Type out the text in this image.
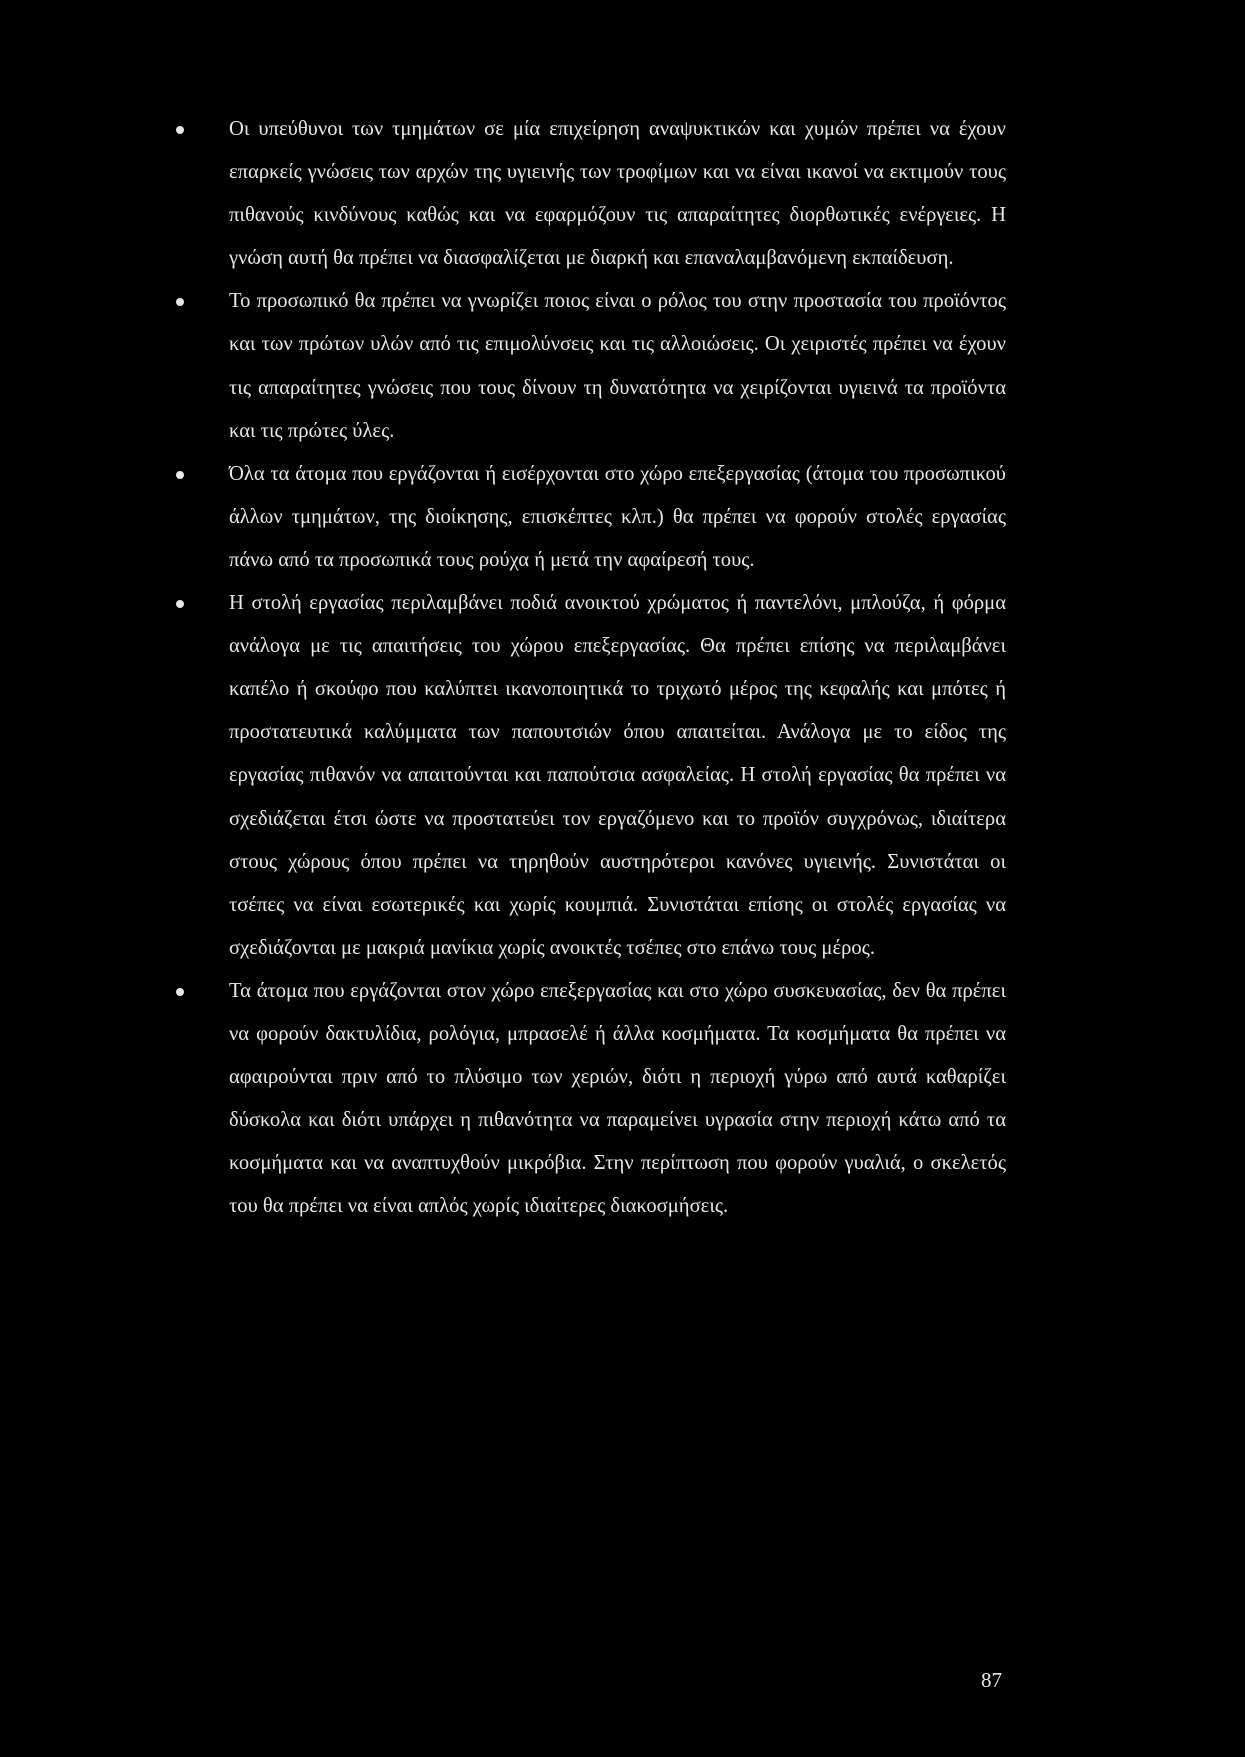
Οι υπεύθυνοι των τμημάτων σε μία επιχείρηση αναψυκτικών και χυμών πρέπει να έχουν επαρκείς γνώσεις των αρχών της υγιεινής των τροφίμων και να είναι ικανοί να εκτιμούν τους πιθανούς κινδύνους καθώς και να εφαρμόζουν τις απαραίτητες διορθωτικές ενέργειες. Η γνώση αυτή θα πρέπει να διασφαλίζεται με διαρκή και επαναλαμβανόμενη εκπαίδευση.
Το προσωπικό θα πρέπει να γνωρίζει ποιος είναι ο ρόλος του στην προστασία του προϊόντος και των πρώτων υλών από τις επιμολύνσεις και τις αλλοιώσεις. Οι χειριστές πρέπει να έχουν τις απαραίτητες γνώσεις που τους δίνουν τη δυνατότητα να χειρίζονται υγιεινά τα προϊόντα και τις πρώτες ύλες.
Όλα τα άτομα που εργάζονται ή εισέρχονται στο χώρο επεξεργασίας (άτομα του προσωπικού άλλων τμημάτων, της διοίκησης, επισκέπτες κλπ.) θα πρέπει να φορούν στολές εργασίας πάνω από τα προσωπικά τους ρούχα ή μετά την αφαίρεσή τους.
Η στολή εργασίας περιλαμβάνει ποδιά ανοικτού χρώματος ή παντελόνι, μπλούζα, ή φόρμα ανάλογα με τις απαιτήσεις του χώρου επεξεργασίας. Θα πρέπει επίσης να περιλαμβάνει καπέλο ή σκούφο που καλύπτει ικανοποιητικά το τριχωτό μέρος της κεφαλής και μπότες ή προστατευτικά καλύμματα των παπουτσιών όπου απαιτείται. Ανάλογα με το είδος της εργασίας πιθανόν να απαιτούνται και παπούτσια ασφαλείας. Η στολή εργασίας θα πρέπει να σχεδιάζεται έτσι ώστε να προστατεύει τον εργαζόμενο και το προϊόν συγχρόνως, ιδιαίτερα στους χώρους όπου πρέπει να τηρηθούν αυστηρότεροι κανόνες υγιεινής. Συνιστάται οι τσέπες να είναι εσωτερικές και χωρίς κουμπιά. Συνιστάται επίσης οι στολές εργασίας να σχεδιάζονται με μακριά μανίκια χωρίς ανοικτές τσέπες στο επάνω τους μέρος.
Τα άτομα που εργάζονται στον χώρο επεξεργασίας και στο χώρο συσκευασίας, δεν θα πρέπει να φορούν δακτυλίδια, ρολόγια, μπρασελέ ή άλλα κοσμήματα. Τα κοσμήματα θα πρέπει να αφαιρούνται πριν από το πλύσιμο των χεριών, διότι η περιοχή γύρω από αυτά καθαρίζει δύσκολα και διότι υπάρχει η πιθανότητα να παραμείνει υγρασία στην περιοχή κάτω από τα κοσμήματα και να αναπτυχθούν μικρόβια. Στην περίπτωση που φορούν γυαλιά, ο σκελετός του θα πρέπει να είναι απλός χωρίς ιδιαίτερες διακοσμήσεις.
87
